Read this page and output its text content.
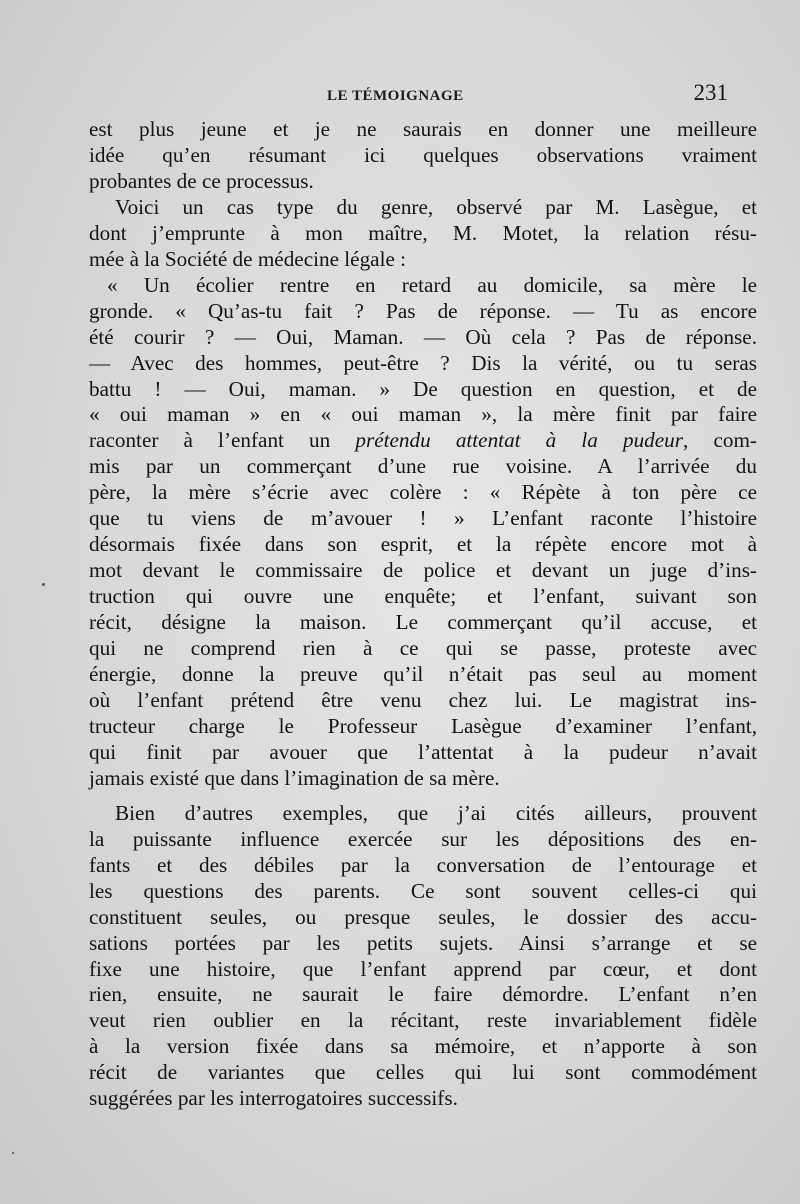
LE TÉMOIGNAGE	231
est plus jeune et je ne saurais en donner une meilleure
idée qu’en résumant ici quelques observations vraiment
probantes de ce processus.
Voici un cas type du genre, observé par M. Lasègue, et
dont j’emprunte à mon maître, M. Motet, la relation résu-
mée à la Société de médecine légale :
« Un écolier rentre en retard au domicile, sa mère le
gronde. « Qu’as-tu fait ? Pas de réponse. — Tu as encore
été courir ? — Oui, Maman. — Où cela ? Pas de réponse.
— Avec des hommes, peut-être ? Dis la vérité, ou tu seras
battu ! — Oui, maman. » De question en question, et de
« oui maman » en « oui maman », la mère finit par faire
raconter à l’enfant un prétendu attentat à la pudeur, com-
mis par un commerçant d’une rue voisine. A l’arrivée du
père, la mère s’écrie avec colère : « Répète à ton père ce
que tu viens de m’avouer ! » L’enfant raconte l’histoire
désormais fixée dans son esprit, et la répète encore mot à
mot devant le commissaire de police et devant un juge d’ins-
truction qui ouvre une enquête; et l’enfant, suivant son
récit, désigne la maison. Le commerçant qu’il accuse, et
qui ne comprend rien à ce qui se passe, proteste avec
énergie, donne la preuve qu’il n’était pas seul au moment
où l’enfant prétend être venu chez lui. Le magistrat ins-
tructeur charge le Professeur Lasègue d’examiner l’enfant,
qui finit par avouer que l’attentat à la pudeur n’avait
jamais existé que dans l’imagination de sa mère.
Bien d’autres exemples, que j’ai cités ailleurs, prouvent
la puissante influence exercée sur les dépositions des en-
fants et des débiles par la conversation de l’entourage et
les questions des parents. Ce sont souvent celles-ci qui
constituent seules, ou presque seules, le dossier des accu-
sations portées par les petits sujets. Ainsi s’arrange et se
fixe une histoire, que l’enfant apprend par cœur, et dont
rien, ensuite, ne saurait le faire démordre. L’enfant n’en
veut rien oublier en la récitant, reste invariablement fidèle
à la version fixée dans sa mémoire, et n’apporte à son
récit de variantes que celles qui lui sont commodément
suggérées par les interrogatoires successifs.
